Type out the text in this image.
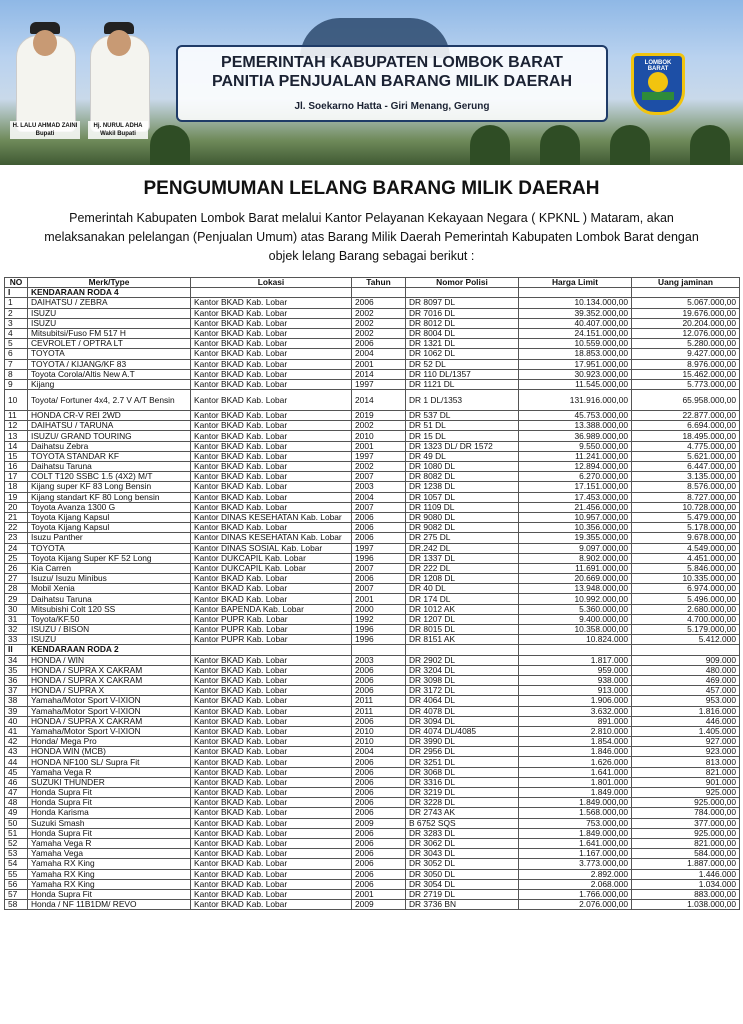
H. LALU AHMAD ZAINI
Bupati
Hj. NURUL ADHA
Wakil Bupati
PEMERINTAH KABUPATEN LOMBOK BARAT
PANITIA PENJUALAN BARANG MILIK DAERAH
Jl. Soekarno Hatta - Giri Menang, Gerung
LOMBOK BARAT
PENGUMUMAN LELANG BARANG MILIK DAERAH

Pemerintah Kabupaten Lombok Barat melalui Kantor Pelayanan Kekayaan Negara ( KPKNL ) Mataram, akan melaksanakan pelelangan (Penjualan Umum) atas Barang Milik Daerah Pemerintah Kabupaten Lombok Barat dengan objek lelang Barang sebagai berikut :

NO	Merk/Type	Lokasi	Tahun	Nomor Polisi	Harga Limit	Uang jaminan
I	KENDARAAN RODA 4					
1	DAIHATSU / ZEBRA	Kantor BKAD Kab. Lobar	2006	DR 8097 DL	10.134.000,00	5.067.000,00
2	ISUZU	Kantor BKAD Kab. Lobar	2002	DR 7016 DL	39.352.000,00	19.676.000,00
3	ISUZU	Kantor BKAD Kab. Lobar	2002	DR 8012 DL	40.407.000,00	20.204.000,00
4	Mitsubitsi/Fuso FM 517 H	Kantor BKAD Kab. Lobar	2002	DR 8004 DL	24.151.000,00	12.076.000,00
5	CEVROLET / OPTRA LT	Kantor BKAD Kab. Lobar	2006	DR 1321 DL	10.559.000,00	5.280.000,00
6	TOYOTA	Kantor BKAD Kab. Lobar	2004	DR 1062 DL	18.853.000,00	9.427.000,00
7	TOYOTA / KIJANG/KF 83	Kantor BKAD Kab. Lobar	2001	DR 52 DL	17.951.000,00	8.976.000,00
8	Toyota Corola/Altis New A.T	Kantor BKAD Kab. Lobar	2014	DR 110 DL/1357	30.923.000,00	15.462.000,00
9	Kijang	Kantor BKAD Kab. Lobar	1997	DR 1121 DL	11.545.000,00	5.773.000,00
10	Toyota/ Fortuner 4x4, 2.7 V A/T Bensin	Kantor BKAD Kab. Lobar	2014	DR 1 DL/1353	131.916.000,00	65.958.000,00
11	HONDA CR-V REI 2WD	Kantor BKAD Kab. Lobar	2019	DR 537 DL	45.753.000,00	22.877.000,00
12	DAIHATSU / TARUNA	Kantor BKAD Kab. Lobar	2002	DR 51 DL	13.388.000,00	6.694.000,00
13	ISUZU/ GRAND TOURING	Kantor BKAD Kab. Lobar	2010	DR 15 DL	36.989.000,00	18.495.000,00
14	Daihatsu Zebra	Kantor BKAD Kab. Lobar	2001	DR 1323 DL/ DR 1572	9.550.000,00	4.775.000,00
15	TOYOTA STANDAR KF	Kantor BKAD Kab. Lobar	1997	DR 49 DL	11.241.000,00	5.621.000,00
16	Daihatsu Taruna	Kantor BKAD Kab. Lobar	2002	DR 1080 DL	12.894.000,00	6.447.000,00
17	COLT T120 SSBC 1.5 (4X2) M/T	Kantor BKAD Kab. Lobar	2007	DR 8082 DL	6.270.000,00	3.135.000,00
18	Kijang super KF 83 Long Bensin	Kantor BKAD Kab. Lobar	2003	DR 1238 DL	17.151.000,00	8.576.000,00
19	Kijang standart KF 80 Long bensin	Kantor BKAD Kab. Lobar	2004	DR 1057 DL	17.453.000,00	8.727.000,00
20	Toyota Avanza 1300 G	Kantor BKAD Kab. Lobar	2007	DR 1109 DL	21.456.000,00	10.728.000,00
21	Toyota Kijang Kapsul	Kantor DINAS KESEHATAN Kab. Lobar	2006	DR 9080 DL	10.957.000,00	5.479.000,00
22	Toyota Kijang Kapsul	Kantor BKAD Kab. Lobar	2006	DR 9082 DL	10.356.000,00	5.178.000,00
23	Isuzu Panther	Kantor DINAS KESEHATAN Kab. Lobar	2006	DR 275 DL	19.355.000,00	9.678.000,00
24	TOYOTA	Kantor DINAS SOSIAL Kab. Lobar	1997	DR.242 DL	9.097.000,00	4.549.000,00
25	Toyota Kijang Super KF 52 Long	Kantor DUKCAPIL Kab. Lobar	1996	DR 1337 DL	8.902.000,00	4.451.000,00
26	Kia Carren	Kantor DUKCAPIL Kab. Lobar	2007	DR 222 DL	11.691.000,00	5.846.000,00
27	Isuzu/ Isuzu Minibus	Kantor BKAD Kab. Lobar	2006	DR 1208 DL	20.669.000,00	10.335.000,00
28	Mobil Xenia	Kantor BKAD Kab. Lobar	2007	DR 40 DL	13.948.000,00	6.974.000,00
29	Daihatsu Taruna	Kantor BKAD Kab. Lobar	2001	DR 174 DL	10.992.000,00	5.496.000,00
30	Mitsubishi Colt 120 SS	Kantor BAPENDA Kab. Lobar	2000	DR 1012 AK	5.360.000,00	2.680.000,00
31	Toyota/KF.50	Kantor PUPR Kab. Lobar	1992	DR 1207 DL	9.400.000,00	4.700.000,00
32	ISUZU / BISON	Kantor PUPR Kab. Lobar	1996	DR 8015 DL	10.358.000,00	5.179.000,00
33	ISUZU	Kantor PUPR Kab. Lobar	1996	DR 8151 AK	10.824.000	5.412.000
II	KENDARAAN RODA 2					
34	HONDA / WIN	Kantor BKAD Kab. Lobar	2003	DR 2902 DL	1.817.000	909.000
35	HONDA / SUPRA X CAKRAM	Kantor BKAD Kab. Lobar	2006	DR 3204 DL	959.000	480.000
36	HONDA / SUPRA X CAKRAM	Kantor BKAD Kab. Lobar	2006	DR 3098 DL	938.000	469.000
37	HONDA / SUPRA X	Kantor BKAD Kab. Lobar	2006	DR 3172 DL	913.000	457.000
38	Yamaha/Motor Sport V-IXION	Kantor BKAD Kab. Lobar	2011	DR 4064 DL	1.906.000	953.000
39	Yamaha/Motor Sport V-IXION	Kantor BKAD Kab. Lobar	2011	DR 4078 DL	3.632.000	1.816.000
40	HONDA / SUPRA X CAKRAM	Kantor BKAD Kab. Lobar	2006	DR 3094 DL	891.000	446.000
41	Yamaha/Motor Sport V-IXION	Kantor BKAD Kab. Lobar	2010	DR 4074 DL/4085	2.810.000	1.405.000
42	Honda/ Mega Pro	Kantor BKAD Kab. Lobar	2010	DR 3990 DL	1.854.000	927.000
43	HONDA WIN (MCB)	Kantor BKAD Kab. Lobar	2004	DR 2956 DL	1.846.000	923.000
44	HONDA NF100 SL/ Supra Fit	Kantor BKAD Kab. Lobar	2006	DR 3251 DL	1.626.000	813.000
45	Yamaha Vega R	Kantor BKAD Kab. Lobar	2006	DR 3068 DL	1.641.000	821.000
46	SUZUKI THUNDER	Kantor BKAD Kab. Lobar	2006	DR 3316 DL	1.801.000	901.000
47	Honda Supra Fit	Kantor BKAD Kab. Lobar	2006	DR 3219 DL	1.849.000	925.000
48	Honda Supra Fit	Kantor BKAD Kab. Lobar	2006	DR 3228 DL	1.849.000,00	925.000,00
49	Honda Karisma	Kantor BKAD Kab. Lobar	2006	DR 2743 AK	1.568.000,00	784.000,00
50	Suzuki Smash	Kantor BKAD Kab. Lobar	2009	B 6752 SQS	753.000,00	377.000,00
51	Honda Supra Fit	Kantor BKAD Kab. Lobar	2006	DR 3283 DL	1.849.000,00	925.000,00
52	Yamaha Vega R	Kantor BKAD Kab. Lobar	2006	DR 3062 DL	1.641.000,00	821.000,00
53	Yamaha Vega	Kantor BKAD Kab. Lobar	2006	DR 3043 DL	1.167.000,00	584.000,00
54	Yamaha RX King	Kantor BKAD Kab. Lobar	2006	DR 3052 DL	3.773.000,00	1.887.000,00
55	Yamaha RX King	Kantor BKAD Kab. Lobar	2006	DR 3050 DL	2.892.000	1.446.000
56	Yamaha RX King	Kantor BKAD Kab. Lobar	2006	DR 3054 DL	2.068.000	1.034.000
57	Honda Supra Fit	Kantor BKAD Kab. Lobar	2001	DR 2719 DL	1.766.000,00	883.000,00
58	Honda / NF 11B1DM/ REVO	Kantor BKAD Kab. Lobar	2009	DR 3736 BN	2.076.000,00	1.038.000,00
